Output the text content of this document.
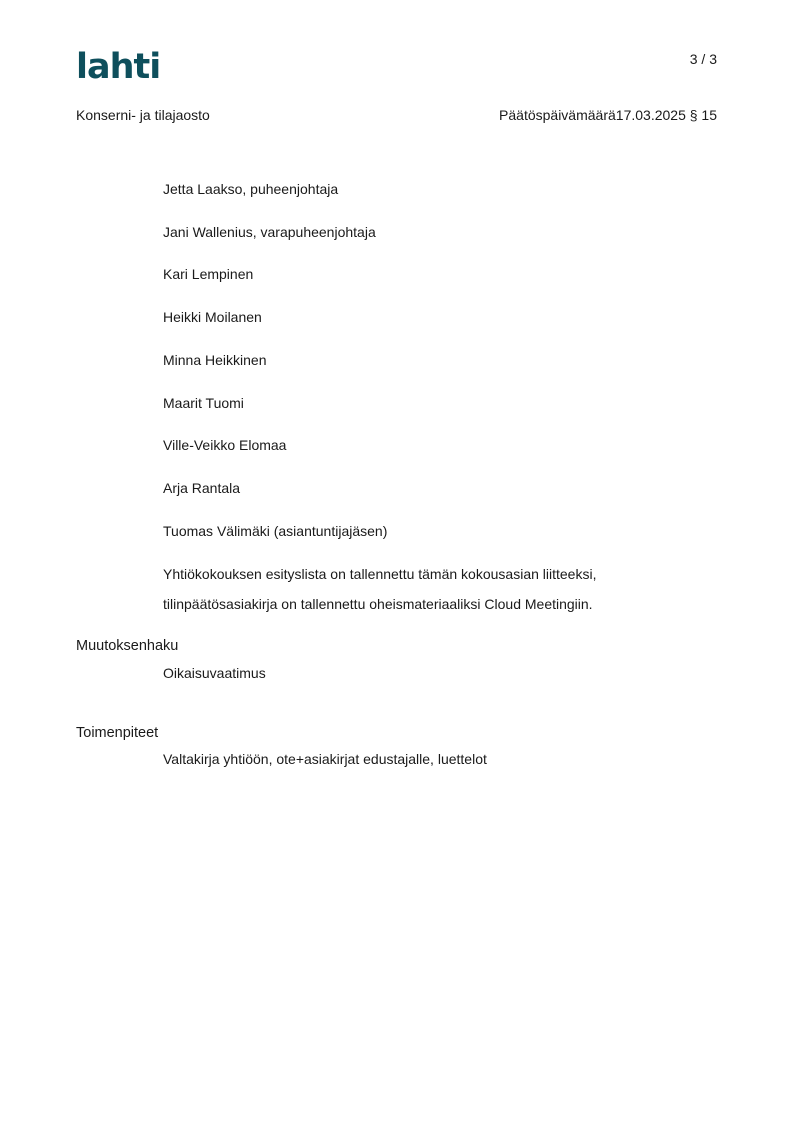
lahti	3 / 3
Konserni- ja tilajaosto	Päätöspäivämäärä17.03.2025 § 15
Jetta Laakso, puheenjohtaja
Jani Wallenius, varapuheenjohtaja
Kari Lempinen
Heikki Moilanen
Minna Heikkinen
Maarit Tuomi
Ville-Veikko Elomaa
Arja Rantala
Tuomas Välimäki (asiantuntijajäsen)
Yhtiökokouksen esityslista on tallennettu tämän kokousasian liitteeksi,
tilinpäätösasiakirja on tallennettu oheismateriaaliksi Cloud Meetingiin.
Muutoksenhaku
Oikaisuvaatimus
Toimenpiteet
Valtakirja yhtiöön, ote+asiakirjat edustajalle, luettelot
